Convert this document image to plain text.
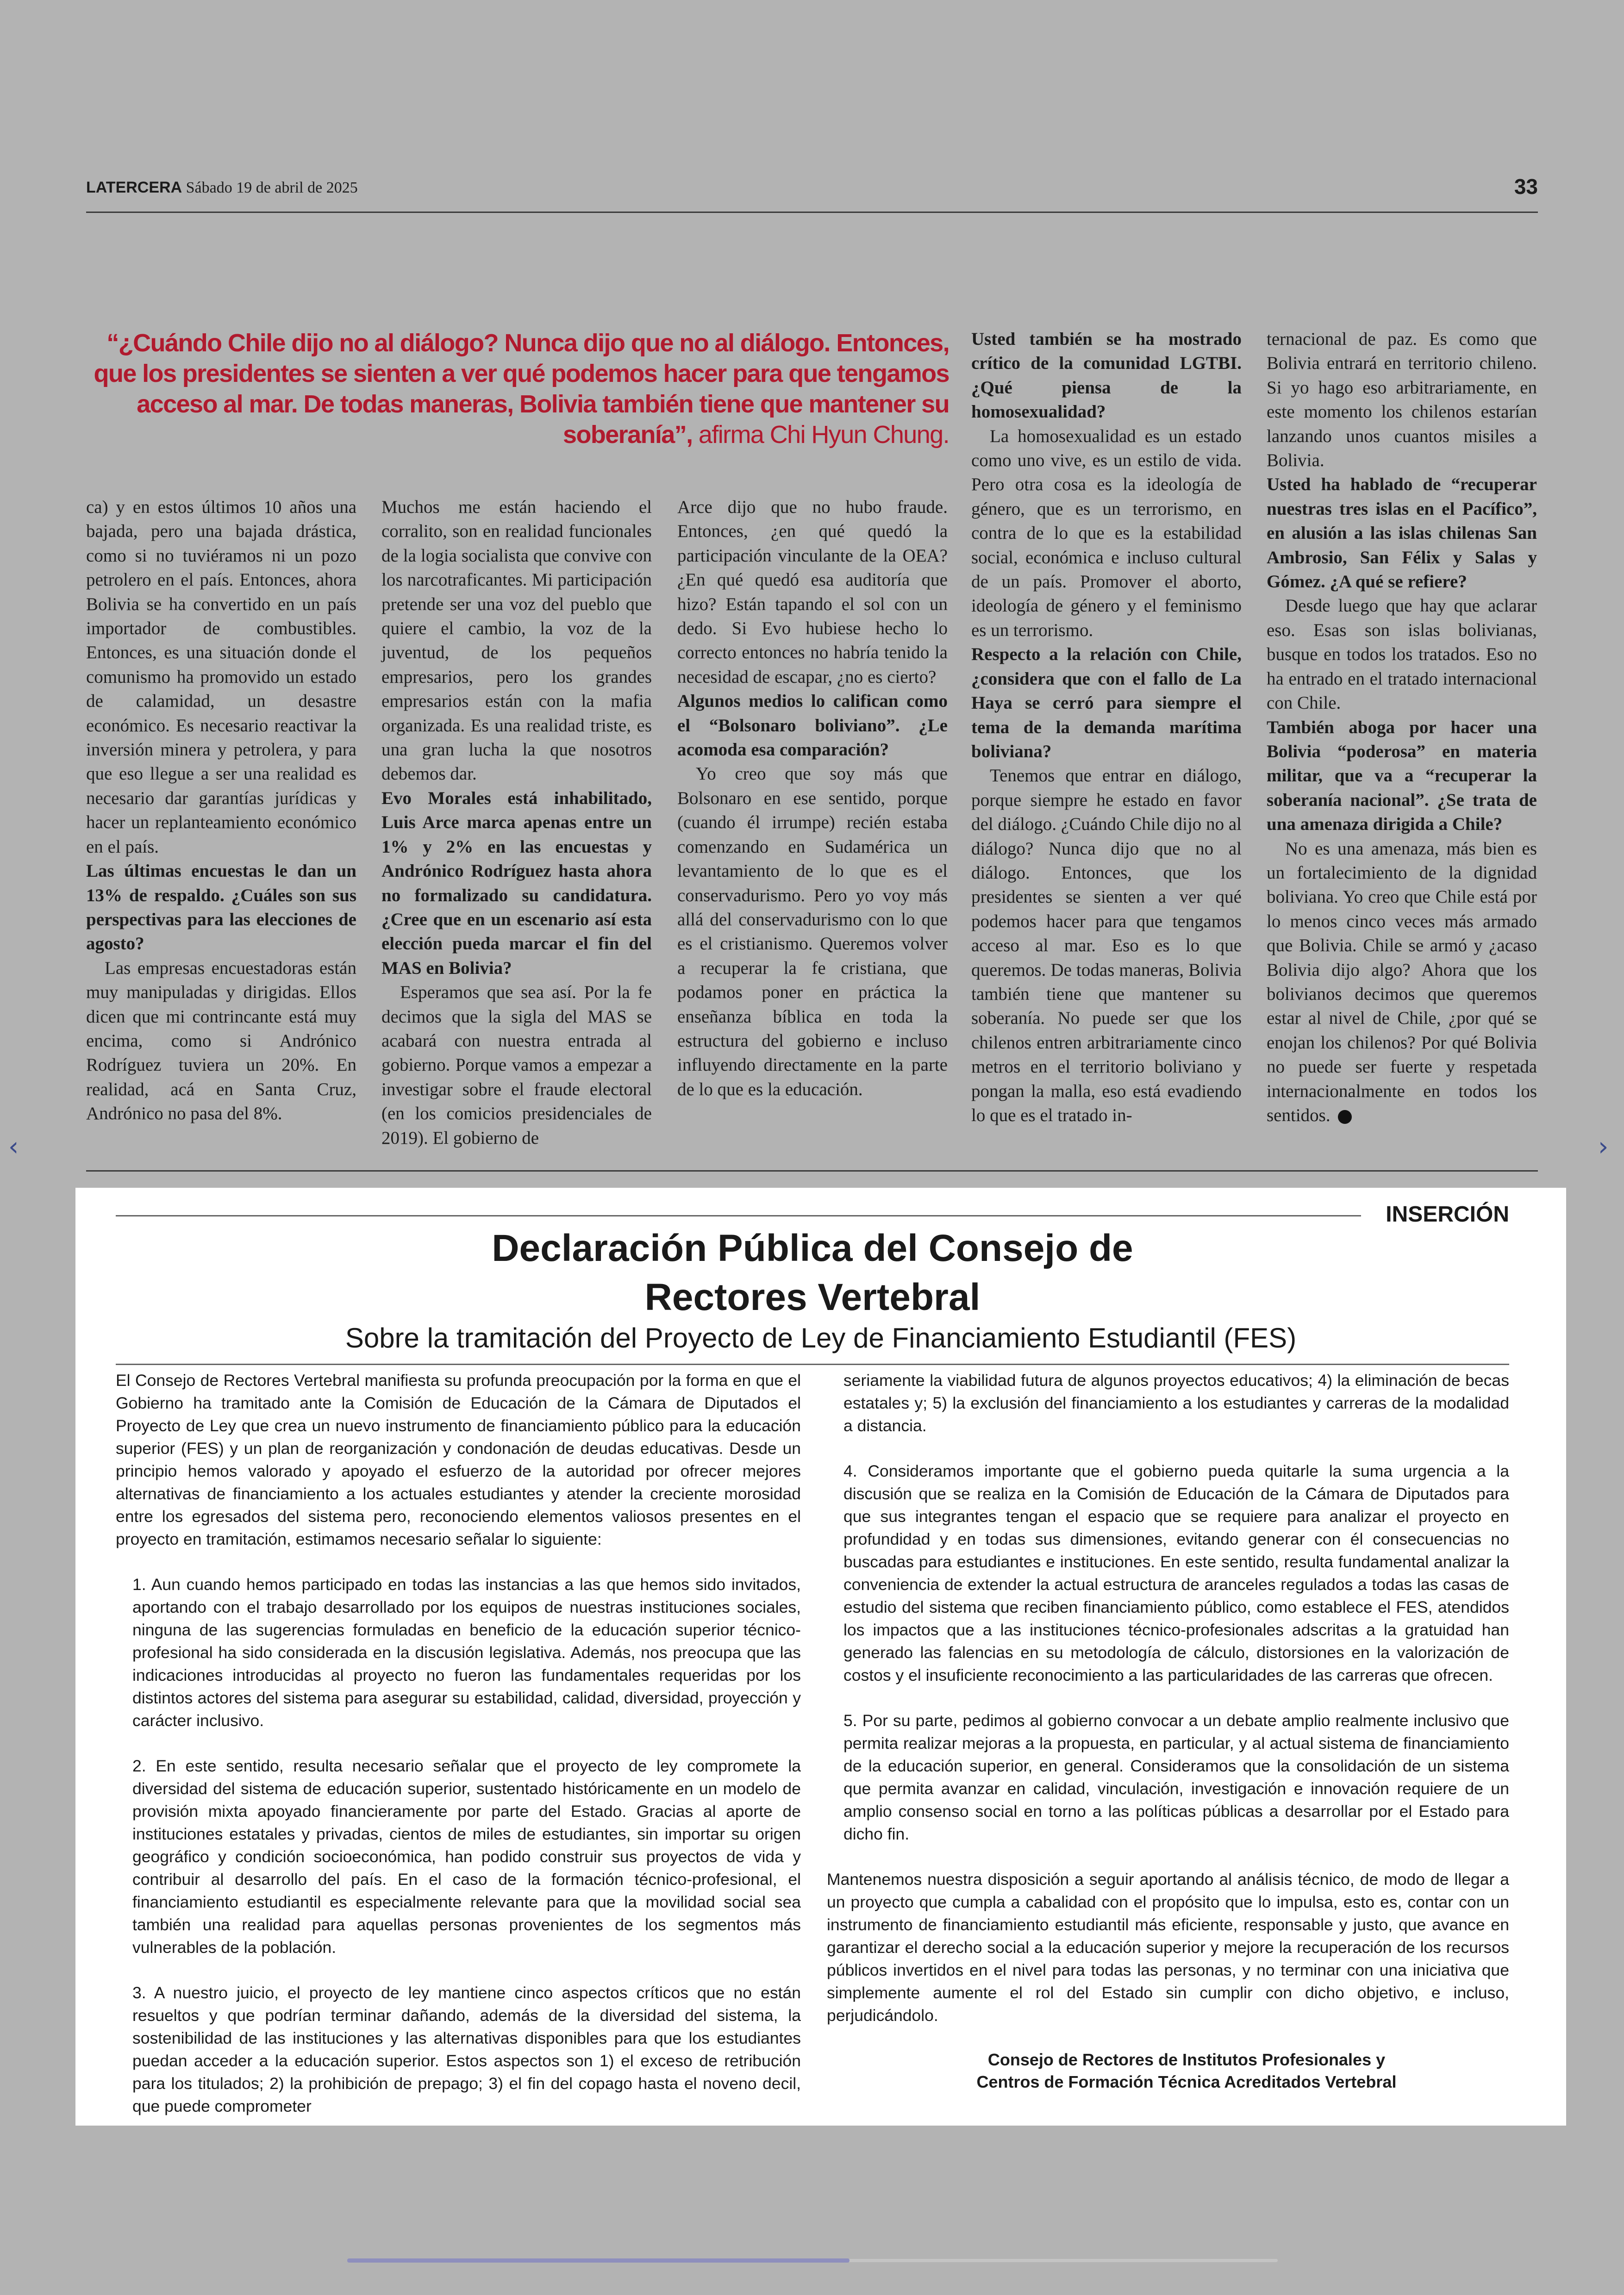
LATERCERA Sábado 19 de abril de 2025	33
“¿Cuándo Chile dijo no al diálogo? Nunca dijo que no al diálogo. Entonces, que los presidentes se sienten a ver qué podemos hacer para que tengamos acceso al mar. De todas maneras, Bolivia también tiene que mantener su soberanía”, afirma Chi Hyun Chung.

ca) y en estos últimos 10 años una bajada, pero una bajada drástica, como si no tuviéramos ni un pozo petrolero en el país. Entonces, ahora Bolivia se ha convertido en un país importador de combustibles. Entonces, es una situación donde el comunismo ha promovido un estado de calamidad, un desastre económico. Es necesario reactivar la inversión minera y petrolera, y para que eso llegue a ser una realidad es necesario dar garantías jurídicas y hacer un replanteamiento económico en el país.

Las últimas encuestas le dan un 13% de respaldo. ¿Cuáles son sus perspectivas para las elecciones de agosto?

Las empresas encuestadoras están muy manipuladas y dirigidas. Ellos dicen que mi contrincante está muy encima, como si Andrónico Rodríguez tuviera un 20%. En realidad, acá en Santa Cruz, Andrónico no pasa del 8%.

Muchos me están haciendo el corralito, son en realidad funcionales de la logia socialista que convive con los narcotraficantes. Mi participación pretende ser una voz del pueblo que quiere el cambio, la voz de la juventud, de los pequeños empresarios, pero los grandes empresarios están con la mafia organizada. Es una realidad triste, es una gran lucha la que nosotros debemos dar.

Evo Morales está inhabilitado, Luis Arce marca apenas entre un 1% y 2% en las encuestas y Andrónico Rodríguez hasta ahora no formalizado su candidatura. ¿Cree que en un escenario así esta elección pueda marcar el fin del MAS en Bolivia?

Esperamos que sea así. Por la fe decimos que la sigla del MAS se acabará con nuestra entrada al gobierno. Porque vamos a empezar a investigar sobre el fraude electoral (en los comicios presidenciales de 2019). El gobierno de

Arce dijo que no hubo fraude. Entonces, ¿en qué quedó la participación vinculante de la OEA? ¿En qué quedó esa auditoría que hizo? Están tapando el sol con un dedo. Si Evo hubiese hecho lo correcto entonces no habría tenido la necesidad de escapar, ¿no es cierto?

Algunos medios lo califican como el “Bolsonaro boliviano”. ¿Le acomoda esa comparación?

Yo creo que soy más que Bolsonaro en ese sentido, porque (cuando él irrumpe) recién estaba comenzando en Sudamérica un levantamiento de lo que es el conservadurismo. Pero yo voy más allá del conservadurismo con lo que es el cristianismo. Queremos volver a recuperar la fe cristiana, que podamos poner en práctica la enseñanza bíblica en toda la estructura del gobierno e incluso influyendo directamente en la parte de lo que es la educación.

Usted también se ha mostrado crítico de la comunidad LGTBI. ¿Qué piensa de la homosexualidad?

La homosexualidad es un estado como uno vive, es un estilo de vida. Pero otra cosa es la ideología de género, que es un terrorismo, en contra de lo que es la estabilidad social, económica e incluso cultural de un país. Promover el aborto, ideología de género y el feminismo es un terrorismo.

Respecto a la relación con Chile, ¿considera que con el fallo de La Haya se cerró para siempre el tema de la demanda marítima boliviana?

Tenemos que entrar en diálogo, porque siempre he estado en favor del diálogo. ¿Cuándo Chile dijo no al diálogo? Nunca dijo que no al diálogo. Entonces, que los presidentes se sienten a ver qué podemos hacer para que tengamos acceso al mar. Eso es lo que queremos. De todas maneras, Bolivia también tiene que mantener su soberanía. No puede ser que los chilenos entren arbitrariamente cinco metros en el territorio boliviano y pongan la malla, eso está evadiendo lo que es el tratado in-

ternacional de paz. Es como que Bolivia entrará en territorio chileno. Si yo hago eso arbitrariamente, en este momento los chilenos estarían lanzando unos cuantos misiles a Bolivia.

Usted ha hablado de “recuperar nuestras tres islas en el Pacífico”, en alusión a las islas chilenas San Ambrosio, San Félix y Salas y Gómez. ¿A qué se refiere?

Desde luego que hay que aclarar eso. Esas son islas bolivianas, busque en todos los tratados. Eso no ha entrado en el tratado internacional con Chile.

También aboga por hacer una Bolivia “poderosa” en materia militar, que va a “recuperar la soberanía nacional”. ¿Se trata de una amenaza dirigida a Chile?

No es una amenaza, más bien es un fortalecimiento de la dignidad boliviana. Yo creo que Chile está por lo menos cinco veces más armado que Bolivia. Chile se armó y ¿acaso Bolivia dijo algo? Ahora que los bolivianos decimos que queremos estar al nivel de Chile, ¿por qué se enojan los chilenos? Por qué Bolivia no puede ser fuerte y respetada internacionalmente en todos los sentidos.

‹	›
INSERCIÓN
Declaración Pública del Consejo de Rectores Vertebral
Sobre la tramitación del Proyecto de Ley de Financiamiento Estudiantil (FES)

El Consejo de Rectores Vertebral manifiesta su profunda preocupación por la forma en que el Gobierno ha tramitado ante la Comisión de Educación de la Cámara de Diputados el Proyecto de Ley que crea un nuevo instrumento de financiamiento público para la educación superior (FES) y un plan de reorganización y condonación de deudas educativas. Desde un principio hemos valorado y apoyado el esfuerzo de la autoridad por ofrecer mejores alternativas de financiamiento a los actuales estudiantes y atender la creciente morosidad entre los egresados del sistema pero, reconociendo elementos valiosos presentes en el proyecto en tramitación, estimamos necesario señalar lo siguiente:

1. Aun cuando hemos participado en todas las instancias a las que hemos sido invitados, aportando con el trabajo desarrollado por los equipos de nuestras instituciones sociales, ninguna de las sugerencias formuladas en beneficio de la educación superior técnico-profesional ha sido considerada en la discusión legislativa. Además, nos preocupa que las indicaciones introducidas al proyecto no fueron las fundamentales requeridas por los distintos actores del sistema para asegurar su estabilidad, calidad, diversidad, proyección y carácter inclusivo.

2. En este sentido, resulta necesario señalar que el proyecto de ley compromete la diversidad del sistema de educación superior, sustentado históricamente en un modelo de provisión mixta apoyado financieramente por parte del Estado. Gracias al aporte de instituciones estatales y privadas, cientos de miles de estudiantes, sin importar su origen geográfico y condición socioeconómica, han podido construir sus proyectos de vida y contribuir al desarrollo del país. En el caso de la formación técnico-profesional, el financiamiento estudiantil es especialmente relevante para que la movilidad social sea también una realidad para aquellas personas provenientes de los segmentos más vulnerables de la población.

3. A nuestro juicio, el proyecto de ley mantiene cinco aspectos críticos que no están resueltos y que podrían terminar dañando, además de la diversidad del sistema, la sostenibilidad de las instituciones y las alternativas disponibles para que los estudiantes puedan acceder a la educación superior. Estos aspectos son 1) el exceso de retribución para los titulados; 2) la prohibición de prepago; 3) el fin del copago hasta el noveno decil, que puede comprometer

seriamente la viabilidad futura de algunos proyectos educativos; 4) la eliminación de becas estatales y; 5) la exclusión del financiamiento a los estudiantes y carreras de la modalidad a distancia.

4. Consideramos importante que el gobierno pueda quitarle la suma urgencia a la discusión que se realiza en la Comisión de Educación de la Cámara de Diputados para que sus integrantes tengan el espacio que se requiere para analizar el proyecto en profundidad y en todas sus dimensiones, evitando generar con él consecuencias no buscadas para estudiantes e instituciones. En este sentido, resulta fundamental analizar la conveniencia de extender la actual estructura de aranceles regulados a todas las casas de estudio del sistema que reciben financiamiento público, como establece el FES, atendidos los impactos que a las instituciones técnico-profesionales adscritas a la gratuidad han generado las falencias en su metodología de cálculo, distorsiones en la valorización de costos y el insuficiente reconocimiento a las particularidades de las carreras que ofrecen.

5. Por su parte, pedimos al gobierno convocar a un debate amplio realmente inclusivo que permita realizar mejoras a la propuesta, en particular, y al actual sistema de financiamiento de la educación superior, en general. Consideramos que la consolidación de un sistema que permita avanzar en calidad, vinculación, investigación e innovación requiere de un amplio consenso social en torno a las políticas públicas a desarrollar por el Estado para dicho fin.

Mantenemos nuestra disposición a seguir aportando al análisis técnico, de modo de llegar a un proyecto que cumpla a cabalidad con el propósito que lo impulsa, esto es, contar con un instrumento de financiamiento estudiantil más eficiente, responsable y justo, que avance en garantizar el derecho social a la educación superior y mejore la recuperación de los recursos públicos invertidos en el nivel para todas las personas, y no terminar con una iniciativa que simplemente aumente el rol del Estado sin cumplir con dicho objetivo, e incluso, perjudicándolo.

Consejo de Rectores de Institutos Profesionales y
Centros de Formación Técnica Acreditados Vertebral
